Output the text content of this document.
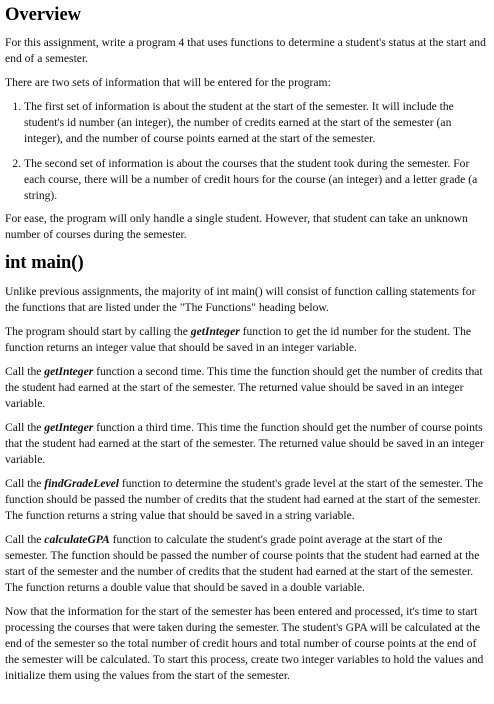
Overview

For this assignment, write a program 4 that uses functions to determine a student's status at the start and end of a semester.

There are two sets of information that will be entered for the program:

1. The first set of information is about the student at the start of the semester. It will include the student's id number (an integer), the number of credits earned at the start of the semester (an integer), and the number of course points earned at the start of the semester.
2. The second set of information is about the courses that the student took during the semester. For each course, there will be a number of credit hours for the course (an integer) and a letter grade (a string).

For ease, the program will only handle a single student. However, that student can take an unknown number of courses during the semester.

int main()

Unlike previous assignments, the majority of int main() will consist of function calling statements for the functions that are listed under the "The Functions" heading below.

The program should start by calling the getInteger function to get the id number for the student. The function returns an integer value that should be saved in an integer variable.

Call the getInteger function a second time. This time the function should get the number of credits that the student had earned at the start of the semester. The returned value should be saved in an integer variable.

Call the getInteger function a third time. This time the function should get the number of course points that the student had earned at the start of the semester. The returned value should be saved in an integer variable.

Call the findGradeLevel function to determine the student's grade level at the start of the semester. The function should be passed the number of credits that the student had earned at the start of the semester. The function returns a string value that should be saved in a string variable.

Call the calculateGPA function to calculate the student's grade point average at the start of the semester. The function should be passed the number of course points that the student had earned at the start of the semester and the number of credits that the student had earned at the start of the semester. The function returns a double value that should be saved in a double variable.

Now that the information for the start of the semester has been entered and processed, it's time to start processing the courses that were taken during the semester. The student's GPA will be calculated at the end of the semester so the total number of credit hours and total number of course points at the end of the semester will be calculated. To start this process, create two integer variables to hold the values and initialize them using the values from the start of the semester.
